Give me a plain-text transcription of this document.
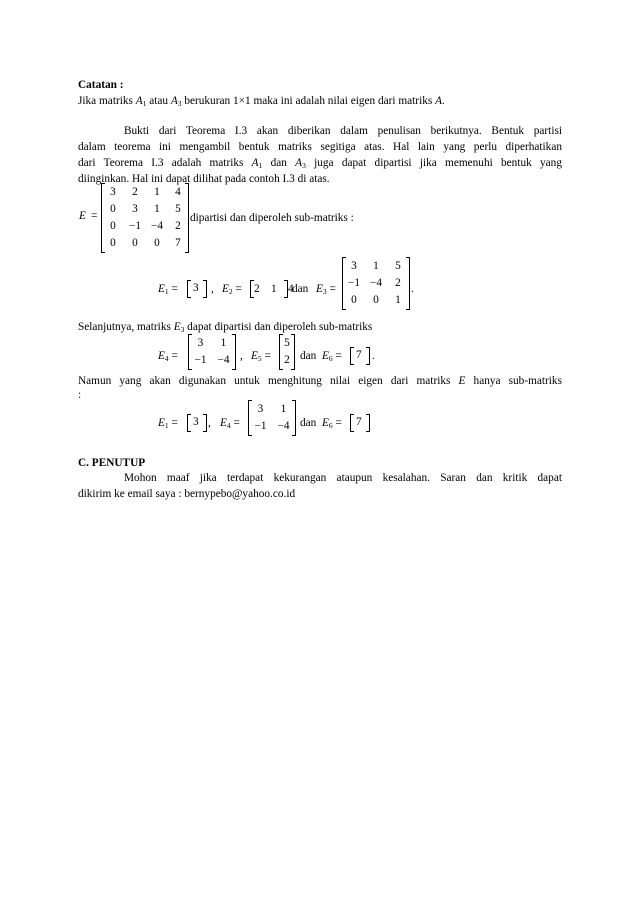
Catatan :
Jika matriks $A_1$ atau $A_3$ berukuran 1×1 maka ini adalah nilai eigen dari matriks A.
Bukti dari Teorema I.3 akan diberikan dalam penulisan berikutnya. Bentuk partisi
dalam teorema ini mengambil bentuk matriks segitiga atas. Hal lain yang perlu diperhatikan
dari Teorema I.3 adalah matriks $A_1$ dan $A_3$ juga dapat dipartisi jika memenuhi bentuk yang
diinginkan. Hal ini dapat dilihat pada contoh I.3 di atas.
E =
3	2	1	4
0	3	1	5
0	−1	−4	2
0	0	0	7
dipartisi dan diperoleh sub-matriks :
$E_1 = 3$ , $E_2 = 2$ 1 4
dan $E_3$ =
3	1	5
−1	−4	2
0	0	1
.
Selanjutnya, matriks $E_3$ dapat dipartisi dan diperoleh sub-matriks
$E_4$ =
3	1
−1	−4 , $E_5$ =
5
2 dan $E_6 = 7$ .
Namun yang akan digunakan untuk menghitung nilai eigen dari matriks E hanya sub-matriks
:
$E_1 = 3$ , $E_4$ =
3	1
−1	−4 dan $E_6 = 7$
C. PENUTUP
Mohon maaf jika terdapat kekurangan ataupun kesalahan. Saran dan kritik dapat
dikirim ke email saya : bernypebo@yahoo.co.id
